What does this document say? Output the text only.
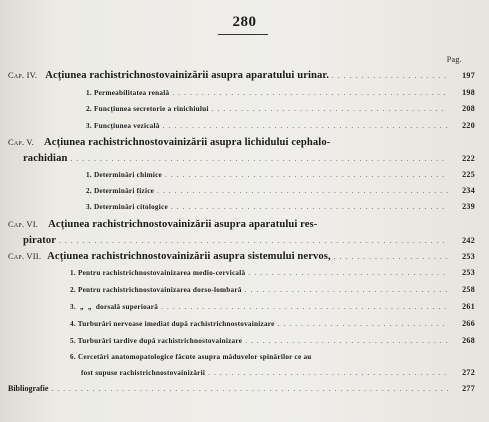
280
Pag.
Cap. IV. Acțiunea rachistrichnostovainizării asupra aparatului urinar. . . .	197
1. Permeabilitatea renală . . .	198
2. Funcțiunea secretorie a rinichiului . . .	208
3. Funcțiunea vezicală . . .	220
Cap. V. Acțiunea rachistrichnostovainizării asupra lichidului cephalo-
rachidian . . .	222
1. Determinări chimice . . .	225
2. Determinări fizice . . .	234
3. Determinări citologice . . .	239
Cap. VI. Acțiunea rachistrichnostovainizării asupra aparatului res-
pirator . . .	242
Cap. VII. Acțiunea rachistrichnostovainizării asupra sistemului nervos, . . .	253
1. Pentru rachistrichnostovainizarea medio-cervicală . . .	253
2. Pentru rachistrichnostovainizarea dorso-lombară . . .	258
3.  „  „  dorsală superioară . . .	261
4. Turburări nervoase imediat după rachistrichnostovainizare . . .	266
5. Turburări tardive după rachistrichnostovainizare . . .	268
6. Cercetări anatomopatologice făcute asupra măduvelor spinărilor ce au
fost supuse rachistrichnostovainizării . . .	272
Bibliografie . . .	277
